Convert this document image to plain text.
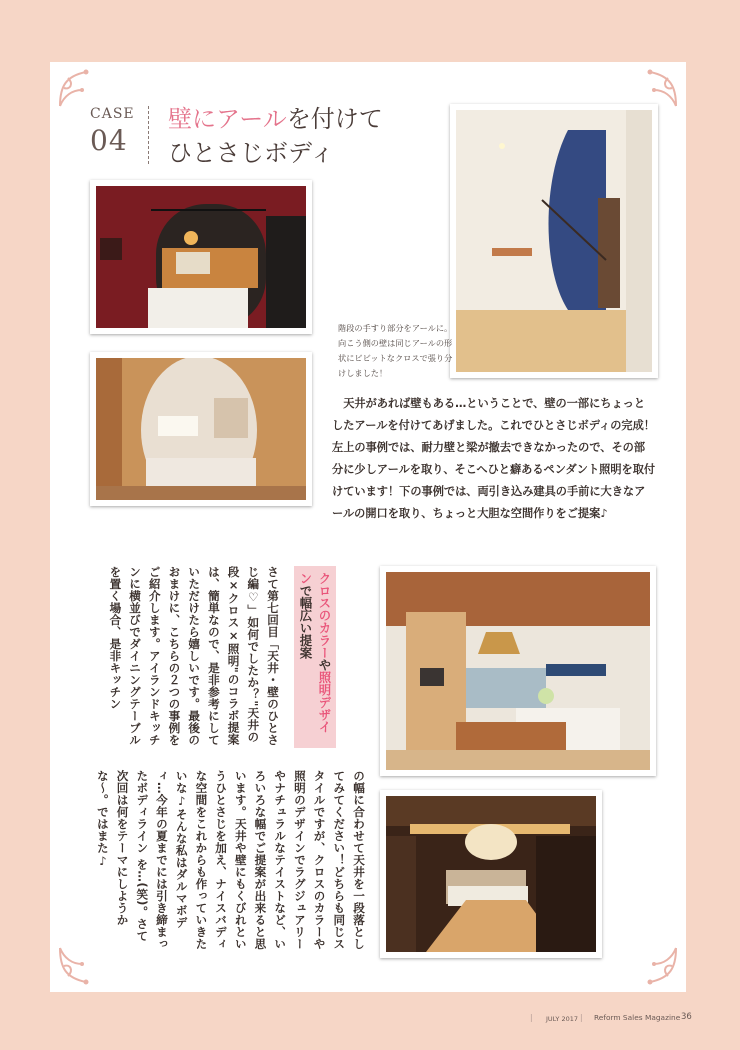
CASE
04
壁にアールを付けて
ひとさじボディ
階段の手すり部分をアールに。向こう側の壁は同じアールの形状にビビットなクロスで張り分けしました！
天井があれば壁もある…ということで、壁の一部にちょっとしたアールを付けてあげました。これでひとさじボディの完成！左上の事例では、耐力壁と梁が撤去できなかったので、その部分に少しアールを取り、そこへひと癖あるペンダント照明を取付けています！下の事例では、両引き込み建具の手前に大きなアールの開口を取り、ちょっと大胆な空間作りをご提案♪
さて第七回目「天井・壁のひとさじ編♡」如何でしたか？"天井の段×クロス×照明"のコラボ提案は、簡単なので、是非参考にしていただけたら嬉しいです。最後のおまけに、こちらの２つの事例をご紹介します。アイランドキッチンに横並びでダイニングテーブルを置く場合、是非キッチン	クロスのカラーや照明デザインで幅広い提案
の幅に合わせて天井を一段落としてみてください！どちらも同じスタイルですが、クロスのカラーや照明のデザインでラグジュアリーやナチュラルなテイストなど、いろいろな幅でご提案が出来ると思います。天井や壁にもくびれというひとさじを加え、ナイスバディな空間をこれからも作っていきたいな♪そんな私はダルマボディ…今年の夏までには引き締まったボディライン を…(笑)。さて次回は何をテーマにしようかな〜。ではまた♪
| JULY 2017 | Reform Sales Magazine 36
